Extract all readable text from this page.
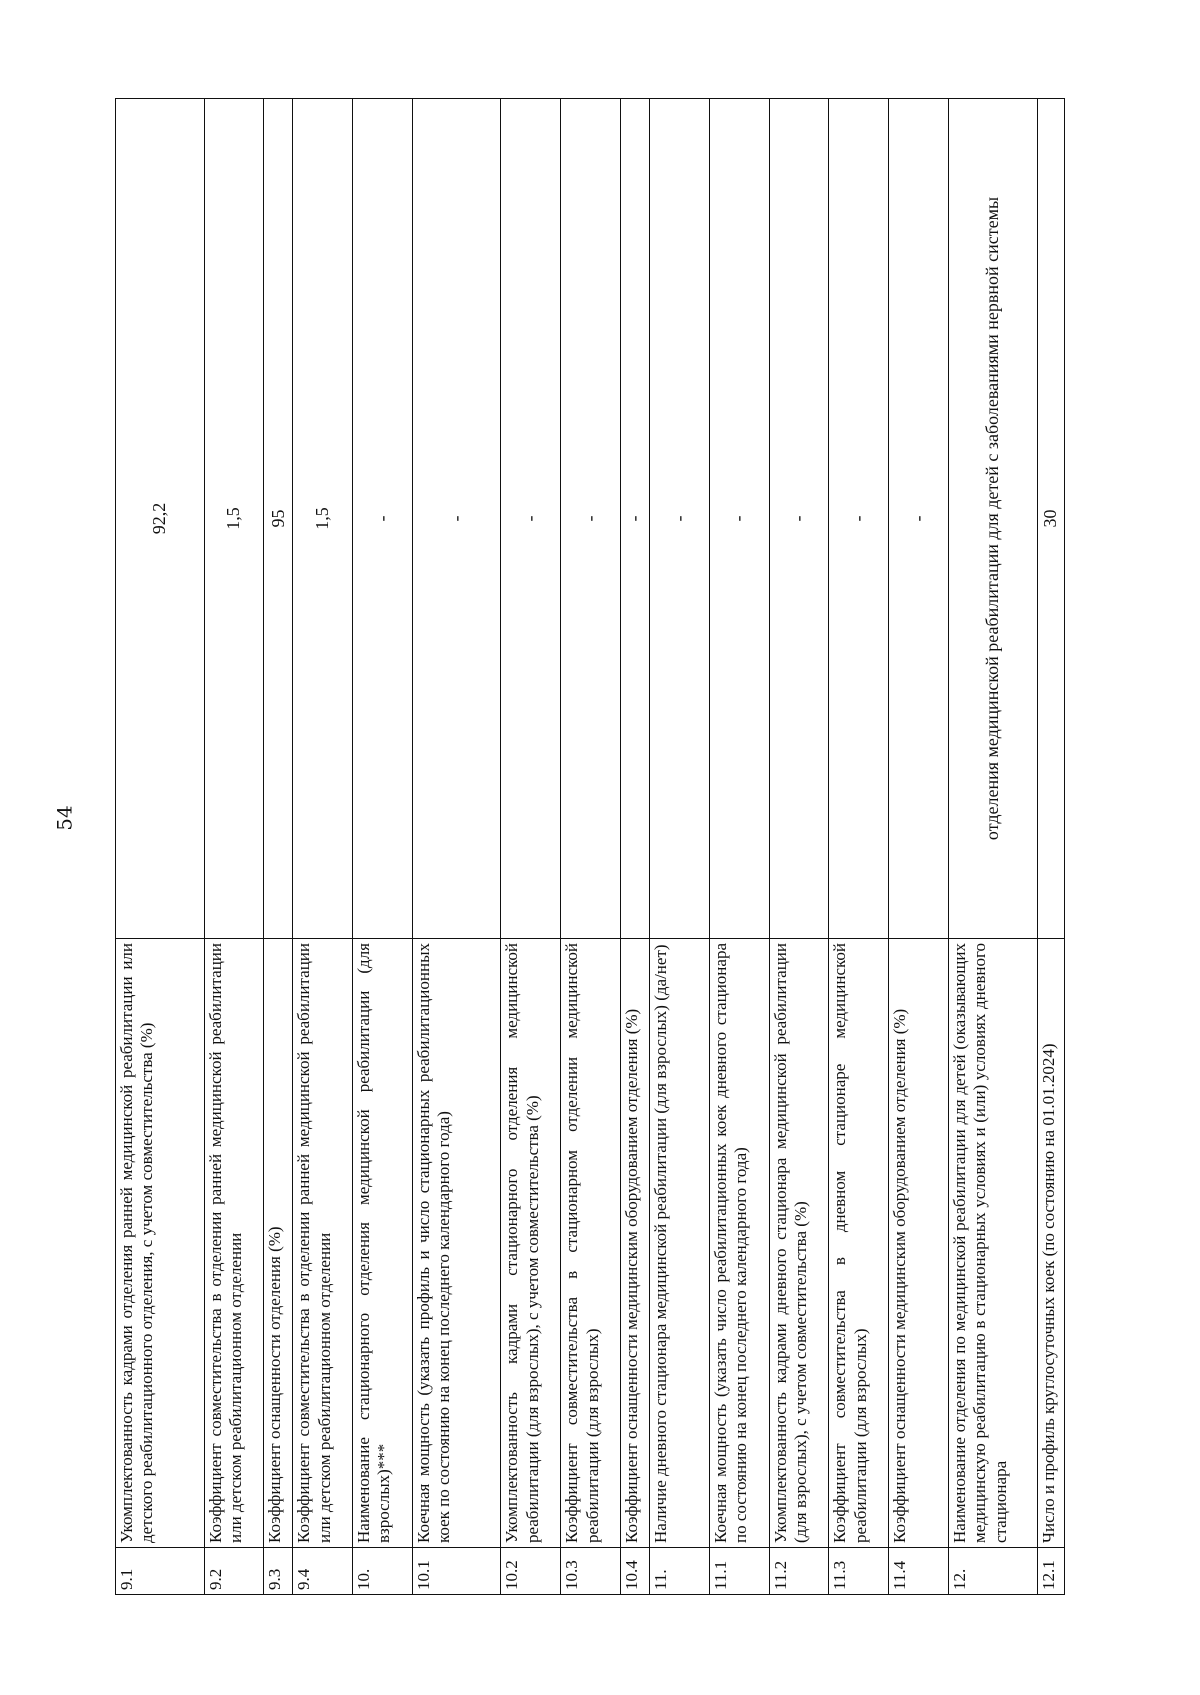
54
9.1	Укомплектованность кадрами отделения ранней медицинской реабилитации или детского реабилитационного отделения, с учетом совместительства (%)	92,2
9.2	Коэффициент совместительства в отделении ранней медицинской реабилитации или детском реабилитационном отделении	1,5
9.3	Коэффициент оснащенности отделения (%)	95
9.4	Коэффициент совместительства в отделении ранней медицинской реабилитации или детском реабилитационном отделении	1,5
10.	Наименование стационарного отделения медицинской реабилитации (для взрослых)***	-
10.1	Коечная мощность (указать профиль и число стационарных реабилитационных коек по состоянию на конец последнего календарного года)	-
10.2	Укомплектованность кадрами стационарного отделения медицинской реабилитации (для взрослых), с учетом совместительства (%)	-
10.3	Коэффициент совместительства в стационарном отделении медицинской реабилитации (для взрослых)	-
10.4	Коэффициент оснащенности медицинским оборудованием отделения (%)	-
11.	Наличие дневного стационара медицинской реабилитации (для взрослых) (да/нет)	-
11.1	Коечная мощность (указать число реабилитационных коек дневного стационара по состоянию на конец последнего календарного года)	-
11.2	Укомплектованность кадрами дневного стационара медицинской реабилитации (для взрослых), с учетом совместительства (%)	-
11.3	Коэффициент совместительства в дневном стационаре медицинской реабилитации (для взрослых)	-
11.4	Коэффициент оснащенности медицинским оборудованием отделения (%)	-
12.	Наименование отделения по медицинской реабилитации для детей (оказывающих медицинскую реабилитацию в стационарных условиях и (или) условиях дневного стационара	отделения медицинской реабилитации для детей с заболеваниями нервной системы
12.1	Число и профиль круглосуточных коек (по состоянию на 01.01.2024)	30
